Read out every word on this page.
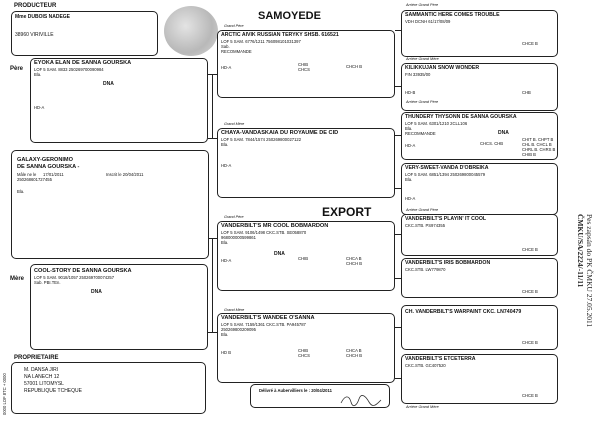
SAMOYEDE
EXPORT
PRODUCTEUR
Mme DUBOIS NADEGE
38960 VIRIVILLE
0000 LOF 8TC + 0000
Père
EYOKA ELAN DE SANNA GOURSKA
LOF 5 SAM. 8833 250269700090984
Bla.
DNA
HD-A
GALAXY-GERONIMO
DE SANNA GOURSKA -
Mâle ne le 17/01/2011	Inscrit le 20/04/2011
250268601727455
Bla.
Mère
COOL-STORY DE SANNA GOURSKA
LOF 5 SAM. 9018/1057 250269700074257
Sab. PBI.TEn.
DNA
PROPRIETAIRE
M. DANSA JIRI
NA LANECH 12
57001 LITOMYSL
REPUBLIQUE TCHEQUE
Grand Père
ARCTIC AIVIK RUSSIAN TERYKY SHSB. 616521
LOF 5 SAM. 6776/1211 756098101031397
Sab.
RECOMMANDE
HD-A
CHIB
CHCS
CHCH B
Grand Mère
CHAYA-VANDASKAIA DU ROYAUME DE CID
LOF 5 SAM. 7844/1574 250269800027122
Bla.
HD-A
Grand Père
VANDERBILT'S MR COOL BOBMARDON
LOF 5 SAM. 9106/1498 CKC.STB. SE058870
968000000599861
Bla.
DNA
HD-A	CHIB	CHCA B
CHCH B
Grand Mère
VANDERBILT'S WANDEE O'SANNA
LOF 5 SAM. 7159/1361 CKC.STB. PA945787
250269800209095
Bla.
HD B	CHIB
CHCS
CHCA B
CHCH B
Arrière Grand Père
SAMMANTIC HERE COMES TROUBLE
VDH DCNH 61/17/08/09
CHCE B
Arrière Grand Mère
KILIKKUJAN SNOW WONDER
FIN 33935/00
HD-B	CHB
Arrière Grand Père
THUNDERY THYSONN DE SANNA GOURSKA
LOF 5 SAM. 6301/1210 2CLL106
Bla.
RECOMMANDE	DNA
HD-A	CHCS. CHB
CHIT B. CHPT B
CHL B. CHCL B
CHRL B. CHRS B
CHIB B
VERY-SWEET-VANDA D'OBREIKA
LOF 5 SAM. 6851/1394 250269800045579
Bla.
HD-A
Arrière Grand Père
VANDERBILT'S PLAYIN' IT COOL
CKC.STB. PS974355
CHCE B
VANDERBILT'S IRIS BOBMARDON
CKC.STB. LW779870
CHCE B
CH. VANDERBILT'S WARPAINT CKC. LN740479
CHCE B
VANDERBILT'S ETCETERRA
CKC.STB. GC407520
CHCE B
Arrière Grand Mère
Délivré à Aubervilliers le : 20/04/2011
Pes zapsán do PK ČMKU 27.05.2011
ČMKU/SA/2224/-11/11
